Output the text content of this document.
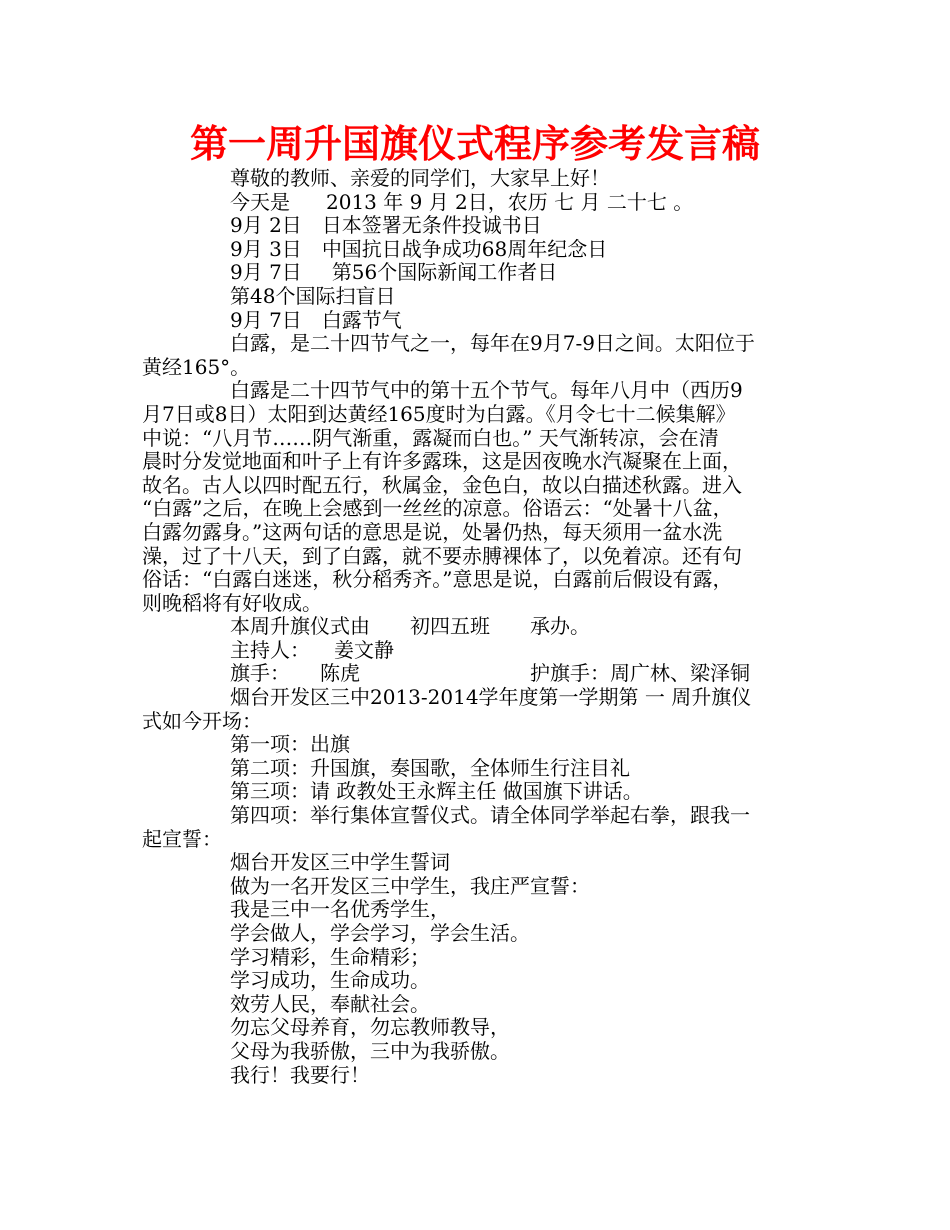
第一周升国旗仪式程序参考发言稿
尊敬的教师、亲爱的同学们，大家早上好！
今天是 2013 年 9 月 2日，农历 七 月 二十七 。
9月 2日 日本签署无条件投诚书日
9月 3日 中国抗日战争成功68周年纪念日
9月 7日 第56个国际新闻工作者日
第48个国际扫盲日
9月 7日 白露节气
白露，是二十四节气之一，每年在9月7-9日之间。太阳位于
黄经165°。
白露是二十四节气中的第十五个节气。每年八月中（西历9
月7日或8日）太阳到达黄经165度时为白露。《月令七十二候集解》
中说：“八月节……阴气渐重，露凝而白也。” 天气渐转凉，会在清
晨时分发觉地面和叶子上有许多露珠，这是因夜晚水汽凝聚在上面，
故名。古人以四时配五行，秋属金，金色白，故以白描述秋露。进入
“白露”之后，在晚上会感到一丝丝的凉意。俗语云：“处暑十八盆，
白露勿露身。”这两句话的意思是说，处暑仍热，每天须用一盆水洗
澡，过了十八天，到了白露，就不要赤膊裸体了，以免着凉。还有句
俗话：“白露白迷迷，秋分稻秀齐。”意思是说，白露前后假设有露，
则晚稻将有好收成。
本周升旗仪式由 初四五班 承办。
主持人： 姜文静
旗手： 陈虎	护旗手：周广林、梁泽铜
烟台开发区三中2013-2014学年度第一学期第 一 周升旗仪
式如今开场：
第一项：出旗
第二项：升国旗，奏国歌，全体师生行注目礼
第三项：请 政教处王永辉主任 做国旗下讲话。
第四项：举行集体宣誓仪式。请全体同学举起右拳，跟我一
起宣誓：
烟台开发区三中学生誓词
做为一名开发区三中学生，我庄严宣誓：
我是三中一名优秀学生，
学会做人，学会学习，学会生活。
学习精彩，生命精彩；
学习成功，生命成功。
效劳人民，奉献社会。
勿忘父母养育，勿忘教师教导，
父母为我骄傲，三中为我骄傲。
我行！我要行！
